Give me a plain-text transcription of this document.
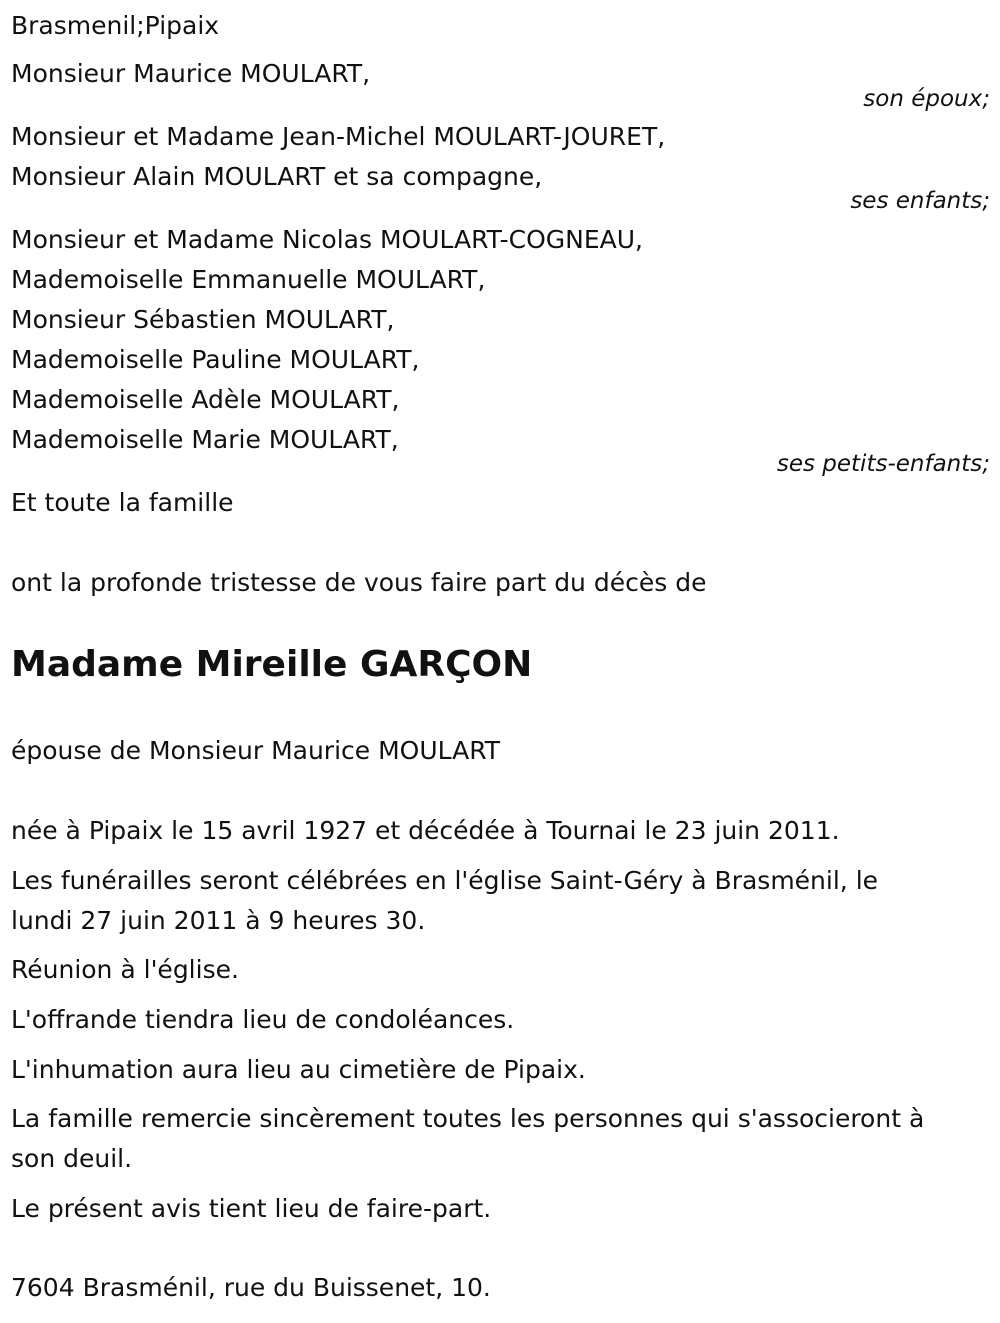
Brasmenil;Pipaix
Monsieur Maurice MOULART,
son époux;
Monsieur et Madame Jean-Michel MOULART-JOURET,
Monsieur Alain MOULART et sa compagne,
ses enfants;
Monsieur et Madame Nicolas MOULART-COGNEAU,
Mademoiselle Emmanuelle MOULART,
Monsieur Sébastien MOULART,
Mademoiselle Pauline MOULART,
Mademoiselle Adèle MOULART,
Mademoiselle Marie MOULART,
ses petits-enfants;
Et toute la famille
ont la profonde tristesse de vous faire part du décès de
Madame Mireille GARÇON
épouse de Monsieur Maurice MOULART
née à Pipaix le 15 avril 1927 et décédée à Tournai le 23 juin 2011.
Les funérailles seront célébrées en l'église Saint-Géry à Brasménil, le
lundi 27 juin 2011 à 9 heures 30.
Réunion à l'église.
L'offrande tiendra lieu de condoléances.
L'inhumation aura lieu au cimetière de Pipaix.
La famille remercie sincèrement toutes les personnes qui s'associeront à
son deuil.
Le présent avis tient lieu de faire-part.
7604 Brasménil, rue du Buissenet, 10.
